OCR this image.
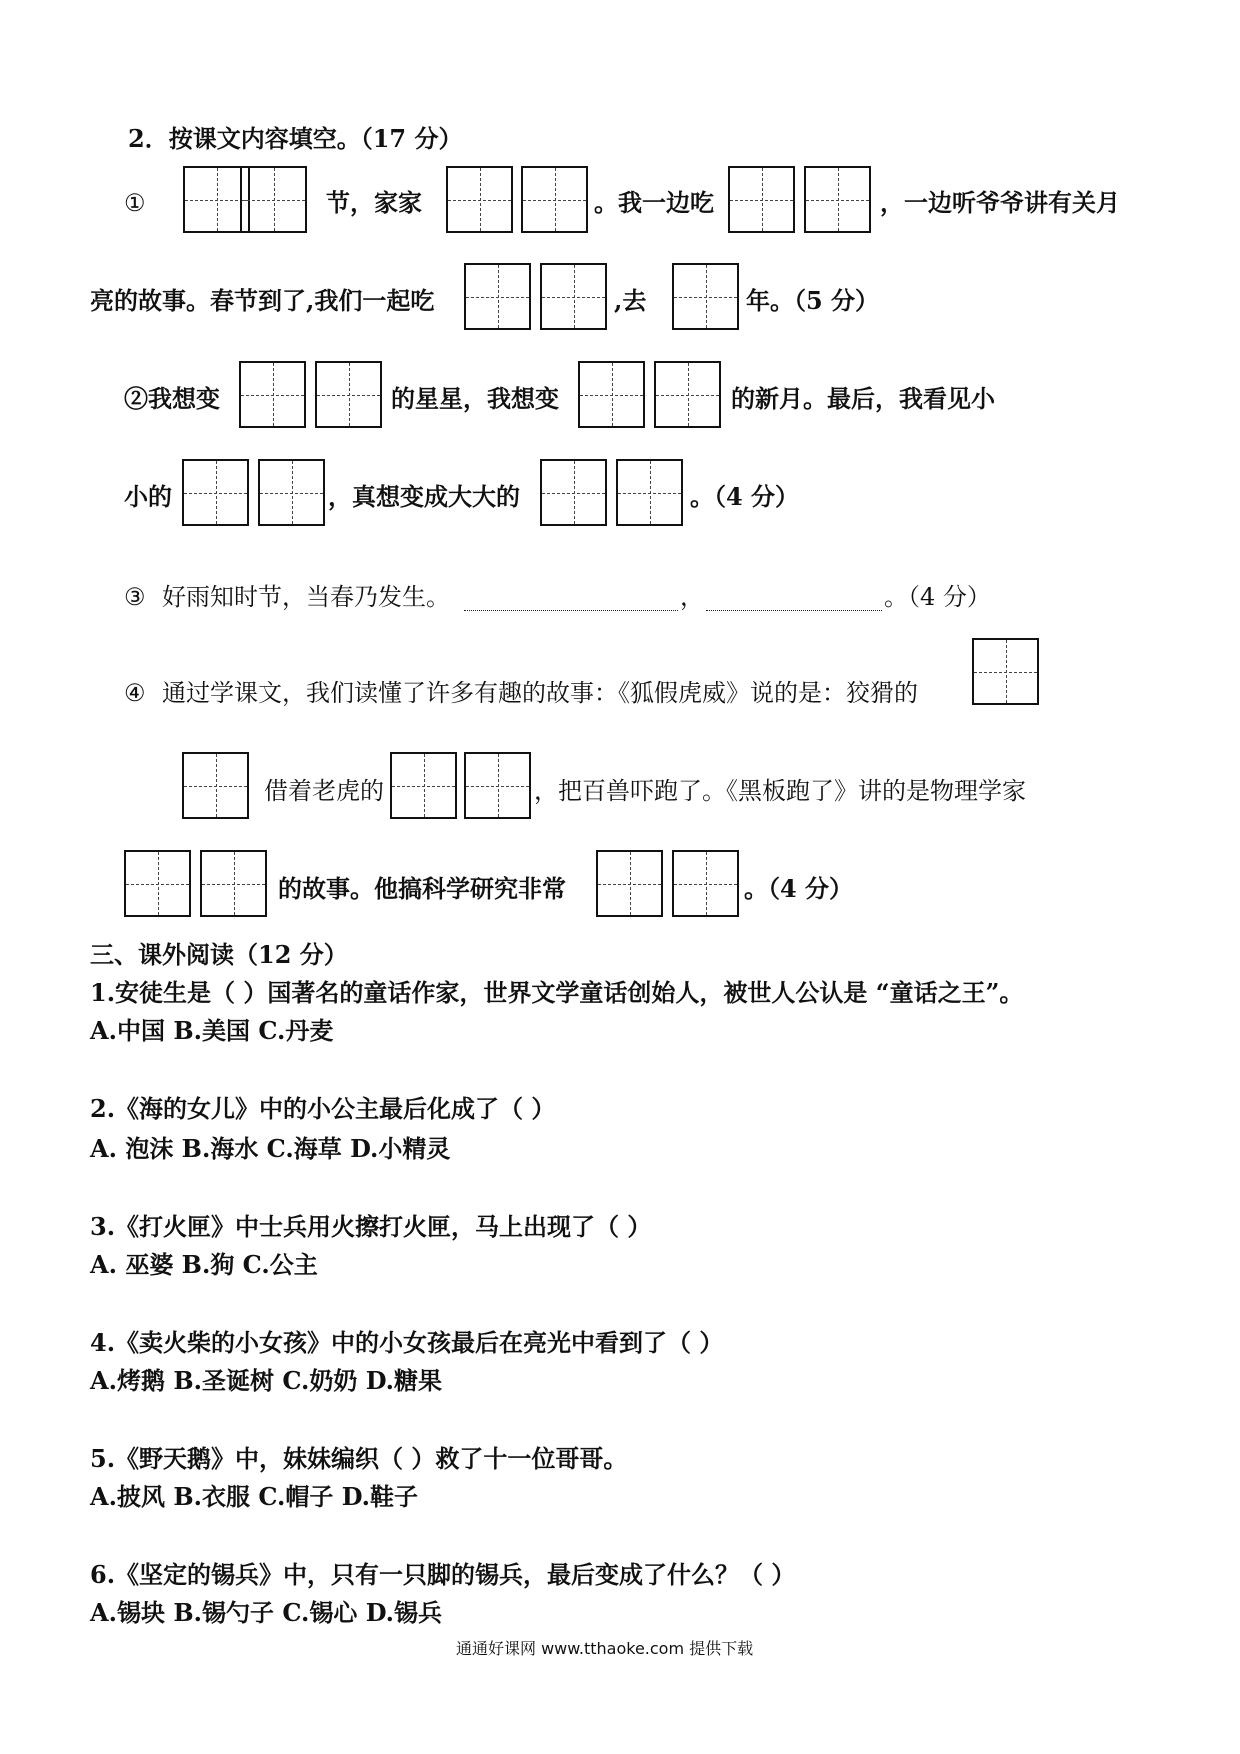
2．按课文内容填空。（17 分）
①	节，家家	。我一边吃	，一边听爷爷讲有关月
亮的故事。春节到了,我们一起吃	,去	年。（5 分）
②我想变	的星星，我想变	的新月。最后，我看见小
小的	，真想变成大大的	。（4 分）
③ 好雨知时节，当春乃发生。	，	。（4 分）
④ 通过学课文，我们读懂了许多有趣的故事：《狐假虎威》说的是：狡猾的
借着老虎的	，把百兽吓跑了。《黑板跑了》讲的是物理学家
的故事。他搞科学研究非常	。（4 分）
三、课外阅读（12 分）
1.安徒生是（ ）国著名的童话作家，世界文学童话创始人，被世人公认是 “童话之王”。
A.中国 B.美国 C.丹麦
2.《海的女儿》中的小公主最后化成了（ ）
A. 泡沫 B.海水 C.海草 D.小精灵
3.《打火匣》中士兵用火擦打火匣，马上出现了（ ）
A. 巫婆 B.狗 C.公主
4.《卖火柴的小女孩》中的小女孩最后在亮光中看到了（ ）
A.烤鹅 B.圣诞树 C.奶奶 D.糖果
5.《野天鹅》中，妹妹编织（ ）救了十一位哥哥。
A.披风 B.衣服 C.帽子 D.鞋子
6.《坚定的锡兵》中，只有一只脚的锡兵，最后变成了什么？（ ）
A.锡块 B.锡勺子 C.锡心 D.锡兵
通通好课网 www.tthaoke.com 提供下载
